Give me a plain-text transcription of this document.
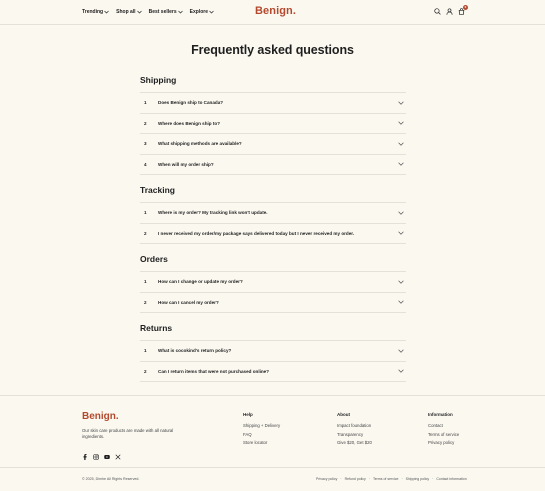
Trending	Shop all	Best sellers	Explore	Benign.	0
Frequently asked questions
Shipping
1	Does Benign ship to Canada?
2	Where does Benign ship to?
3	What shipping methods are available?
4	When will my order ship?
Tracking
1	Where is my order? My tracking link won't update.
2	I never received my order/my package says delivered today but I never received my order.
Orders
1	How can I change or update my order?
2	How can I cancel my order?
Returns
1	What is cocokind's return policy?
2	Can I return items that were not purchased online?
Benign.
Our skin care products are made with all natural ingredients.
Help
Shipping + Delivery
FAQ
Store locator
About
Impact foundation
Transparency
Give $20, Get $20
Information
Contact
Terms of service
Privacy policy
© 2025, Dimhe All Rights Reserved.	Privacy policy · Refund policy · Terms of service · Shipping policy · Contact information
